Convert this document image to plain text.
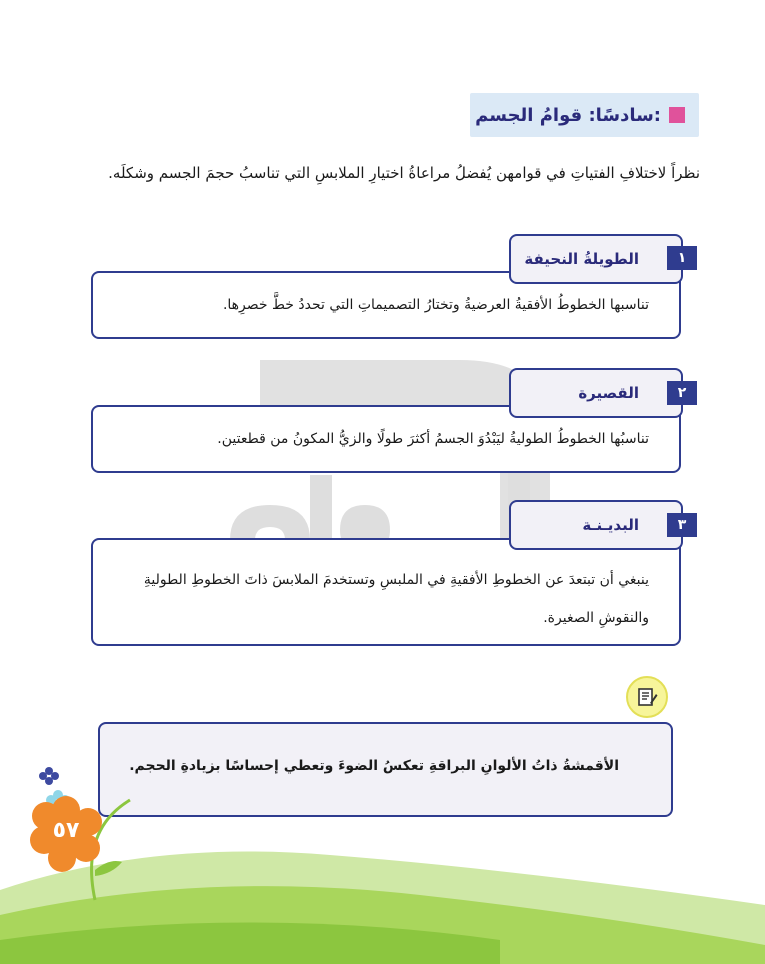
سادسًا: قوامُ الجسم:
نظراً لاختلافِ الفتياتِ في قوامهن يُفضلُ مراعاةُ اختيارِ الملابسِ التي تناسبُ حجمَ الجسم وشكلَه.
تناسبها الخطوطُ الأفقيةُ العرضيةُ وتختارُ التصميماتِ التي تحددُ خطَّ خصرِها.
الطويلةُ النحيفة	١
تناسبُها الخطوطُ الطوليةُ ليَبْدُوَ الجسمُ أكثرَ طولًا والزيُّ المكونُ من قطعتين.
القصيرة	٢
ينبغي أن تبتعدَ عن الخطوطِ الأفقيةِ في الملبسِ وتستخدمَ الملابسَ ذاتَ الخطوطِ الطوليةِ
والنقوشِ الصغيرة.
البديـنـة	٣
الأقمشةُ ذاتُ الألوانِ البراقةِ تعكسُ الضوءَ وتعطي إحساسًا بزيادةِ الحجم.
٥٧
